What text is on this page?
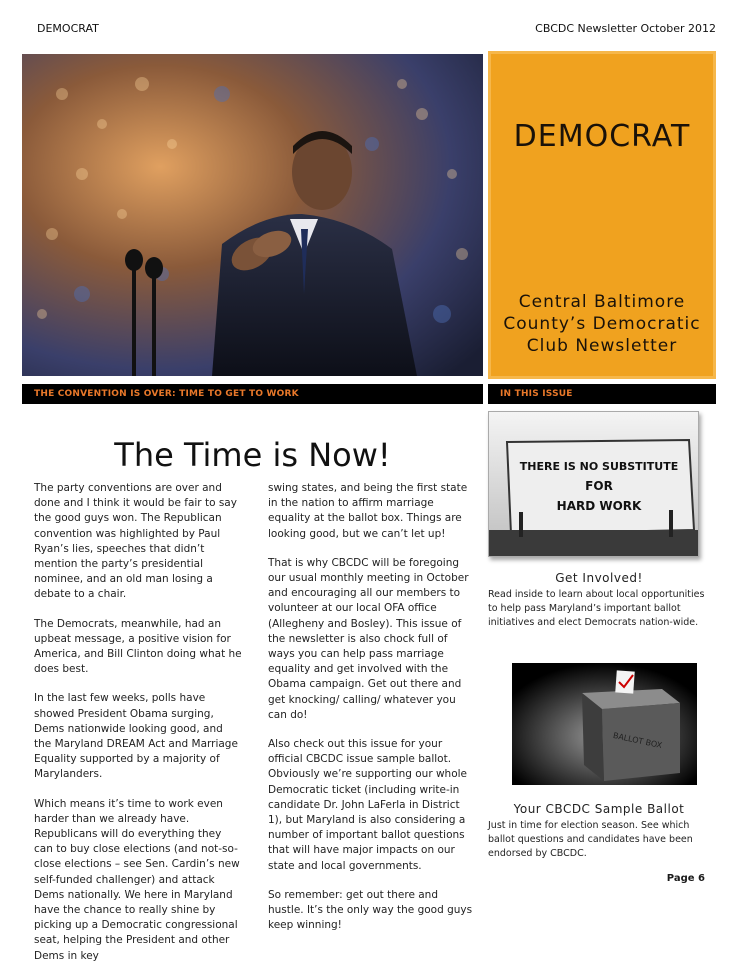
DEMOCRAT	CBCDC Newsletter October 2012
DEMOCRAT
Central Baltimore
County’s Democratic
Club Newsletter
THE CONVENTION IS OVER: TIME TO GET TO WORK	IN THIS ISSUE
The Time is Now!

The party conventions are over and done and I think it would be fair to say the good guys won. The Republican convention was highlighted by Paul Ryan’s lies, speeches that didn’t mention the party’s presidential nominee, and an old man losing a debate to a chair.

The Democrats, meanwhile, had an upbeat message, a positive vision for America, and Bill Clinton doing what he does best.

In the last few weeks, polls have showed President Obama surging, Dems nationwide looking good, and the Maryland DREAM Act and Marriage Equality supported by a majority of Marylanders.

Which means it’s time to work even harder than we already have. Republicans will do everything they can to buy close elections (and not-so-close elections – see Sen. Cardin’s new self-funded challenger) and attack Dems nationally. We here in Maryland have the chance to really shine by picking up a Democratic congressional seat, helping the President and other Dems in key

swing states, and being the first state in the nation to affirm marriage equality at the ballot box. Things are looking good, but we can’t let up!

That is why CBCDC will be foregoing our usual monthly meeting in October and encouraging all our members to volunteer at our local OFA office (Allegheny and Bosley). This issue of the newsletter is also chock full of ways you can help pass marriage equality and get involved with the Obama campaign. Get out there and get knocking/ calling/ whatever you can do!

Also check out this issue for your official CBCDC issue sample ballot. Obviously we’re supporting our whole Democratic ticket (including write-in candidate Dr. John LaFerla in District 1), but Maryland is also considering a number of important ballot questions that will have major impacts on our state and local governments.

So remember: get out there and hustle. It’s the only way the good guys keep winning!

THERE IS NO SUBSTITUTE
FOR
HARD WORK
Get Involved!
Read inside to learn about local opportunities to help pass Maryland’s important ballot initiatives and elect Democrats nation-wide.
BALLOT BOX
Your CBCDC Sample Ballot
Just in time for election season. See which ballot questions and candidates have been endorsed by CBCDC.
Page 6
